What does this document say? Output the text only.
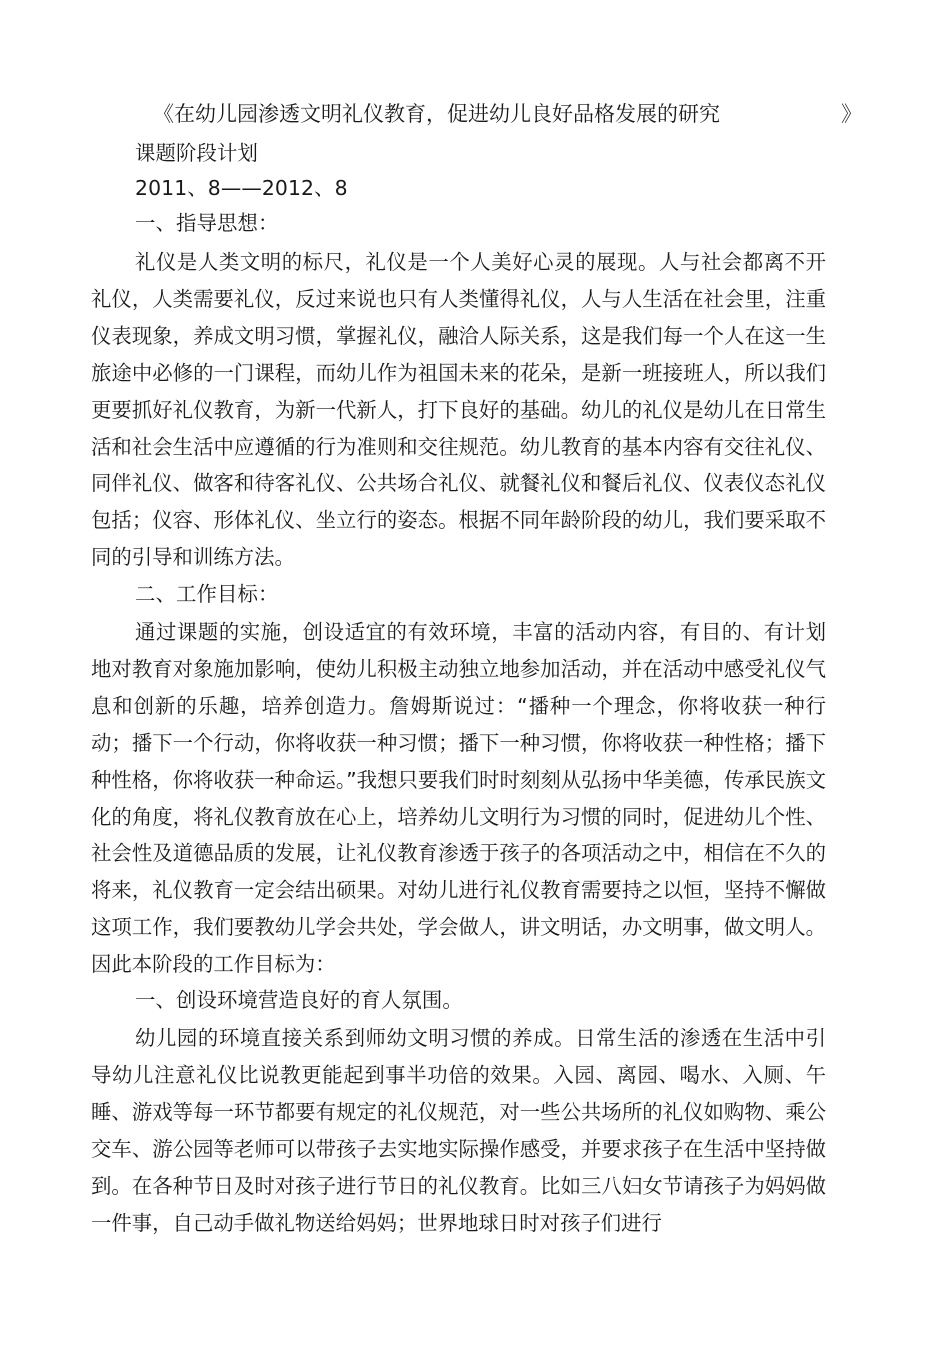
《 在幼儿园渗透文明礼仪教育，促进幼儿良好品格发展的研究	》
课题阶段计划
2011、8——2012、8
一、指导思想：
礼仪是人类文明的标尺，礼仪是一个人美好心灵的展现。人与社会都离不开礼仪，人类需要礼仪，反过来说也只有人类懂得礼仪，人与人生活在社会里，注重仪表现象，养成文明习惯，掌握礼仪，融洽人际关系，这是我们每一个人在这一生旅途中必修的一门课程，而幼儿作为祖国未来的花朵，是新一班接班人，所以我们更要抓好礼仪教育，为新一代新人，打下良好的基础。幼儿的礼仪是幼儿在日常生活和社会生活中应遵循的行为准则和交往规范。幼儿教育的基本内容有交往礼仪、同伴礼仪、做客和待客礼仪、公共场合礼仪、就餐礼仪和餐后礼仪、仪表仪态礼仪包括；仪容、形体礼仪、坐立行的姿态。根据不同年龄阶段的幼儿，我们要采取不同的引导和训练方法。
二、工作目标：
通过课题的实施，创设适宜的有效环境，丰富的活动内容，有目的、有计划地对教育对象施加影响，使幼儿积极主动独立地参加活动，并在活动中感受礼仪气息和创新的乐趣，培养创造力。詹姆斯说过：“播种一个理念，你将收获一种行动；播下一个行动，你将收获一种习惯；播下一种习惯，你将收获一种性格；播下种性格，你将收获一种命运。”我想只要我们时时刻刻从弘扬中华美德，传承民族文化的角度，将礼仪教育放在心上，培养幼儿文明行为习惯的同时，促进幼儿个性、社会性及道德品质的发展，让礼仪教育渗透于孩子的各项活动之中，相信在不久的将来，礼仪教育一定会结出硕果。对幼儿进行礼仪教育需要持之以恒，坚持不懈做这项工作，我们要教幼儿学会共处，学会做人，讲文明话，办文明事，做文明人。因此本阶段的工作目标为：
一、创设环境营造良好的育人氛围。
幼儿园的环境直接关系到师幼文明习惯的养成。日常生活的渗透在生活中引导幼儿注意礼仪比说教更能起到事半功倍的效果。入园、离园、喝水、入厕、午睡、游戏等每一环节都要有规定的礼仪规范，对一些公共场所的礼仪如购物、乘公交车、游公园等老师可以带孩子去实地实际操作感受，并要求孩子在生活中坚持做到。在各种节日及时对孩子进行节日的礼仪教育。比如三八妇女节请孩子为妈妈做一件事，自己动手做礼物送给妈妈；世界地球日时对孩子们进行
